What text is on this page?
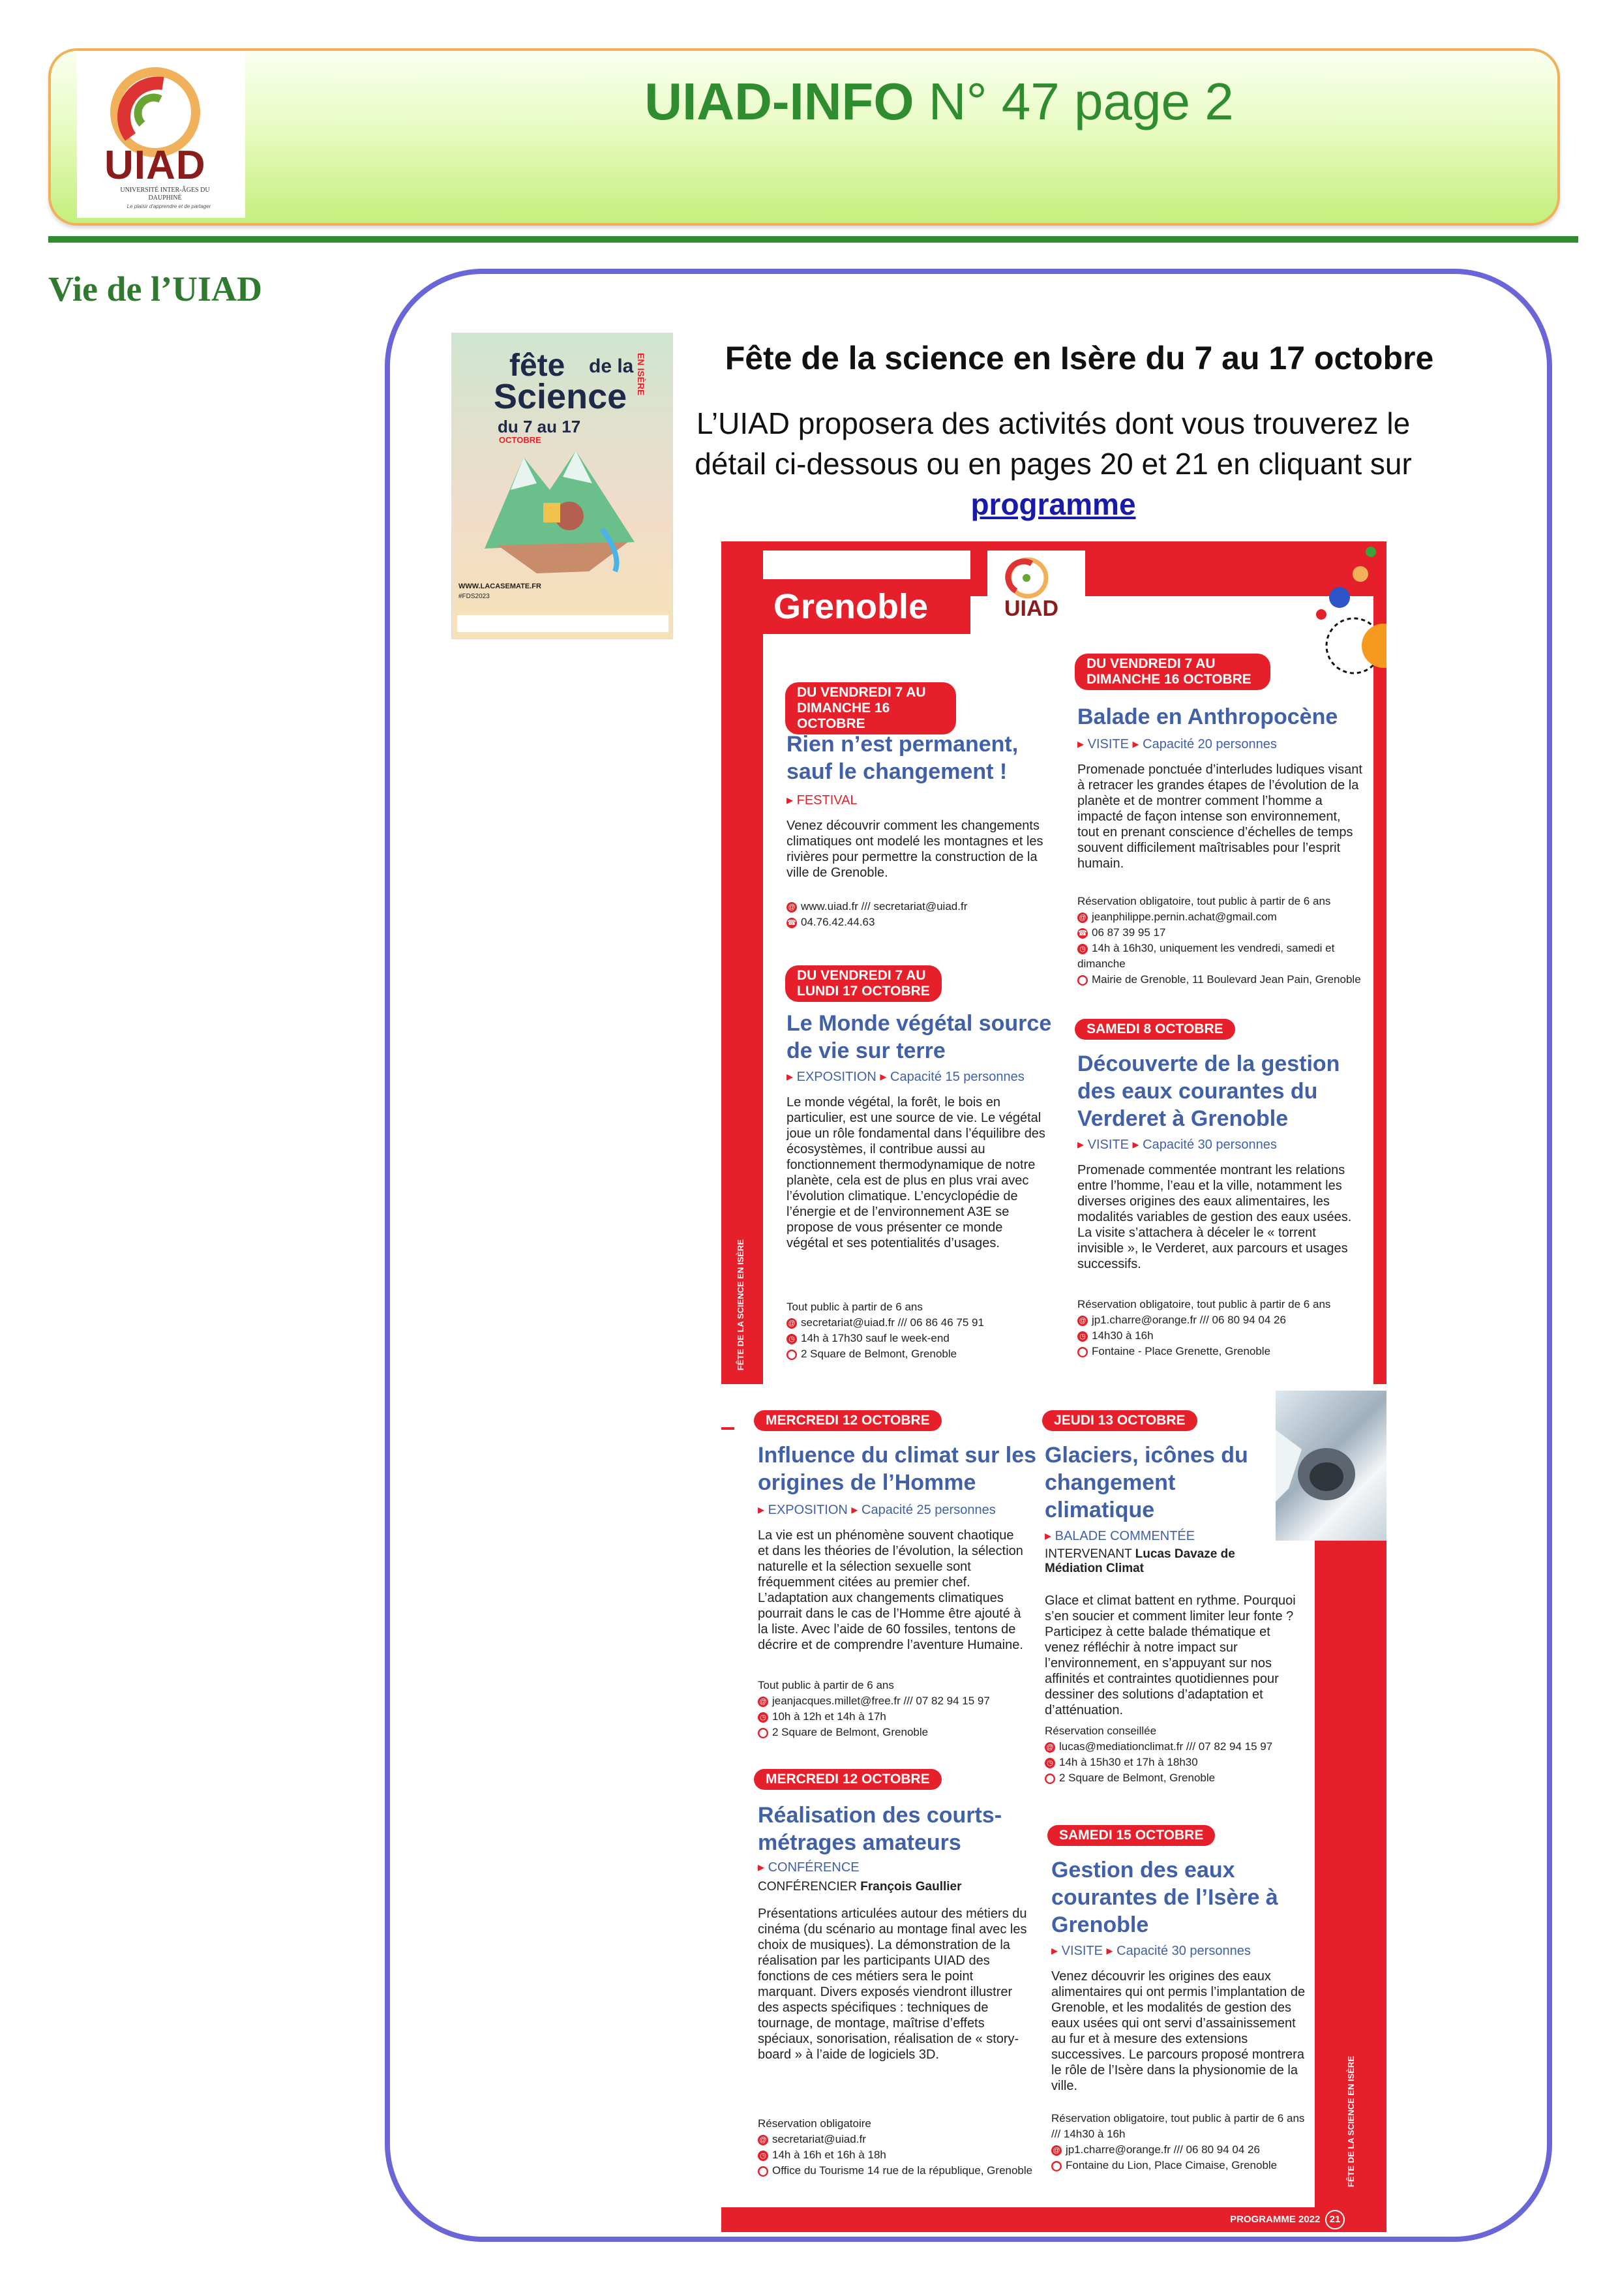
UIAD
UNIVERSITÉ INTER-ÂGES DU DAUPHINÉ
Le plaisir d'apprendre et de partager
UIAD-INFO N° 47 page 2
Vie de l’UIAD
fête de la
Science
EN ISÈRE
du 7 au 17
OCTOBRE
WWW.LACASEMATE.FR
#FDS2023
Fête de la science en Isère du 7 au 17 octobre
L’UIAD proposera des activités dont vous trouverez le détail ci-dessous ou en pages 20 et 21 en cliquant sur
programme
Grenoble	UIAD
FÊTE DE LA SCIENCE EN ISÈRE
DU VENDREDI 7 AU DIMANCHE 16 OCTOBRE
Rien n’est permanent, sauf le changement !
▸ FESTIVAL
Venez découvrir comment les changements climatiques ont modelé les montagnes et les rivières pour permettre la construction de la ville de Grenoble.
@ www.uiad.fr /// secretariat@uiad.fr
☎ 04.76.42.44.63
DU VENDREDI 7 AU LUNDI 17 OCTOBRE
Le Monde végétal source de vie sur terre
▸ EXPOSITION ▸ Capacité 15 personnes
Le monde végétal, la forêt, le bois en particulier, est une source de vie. Le végétal joue un rôle fondamental dans l’équilibre des écosystèmes, il contribue aussi au fonctionnement thermodynamique de notre planète, cela est de plus en plus vrai avec l’évolution climatique. L’encyclopédie de l’énergie et de l’environnement A3E se propose de vous présenter ce monde végétal et ses potentialités d’usages.
Tout public à partir de 6 ans
@ secretariat@uiad.fr /// 06 86 46 75 91
◷ 14h à 17h30 sauf le week-end
⬤ 2 Square de Belmont, Grenoble
DU VENDREDI 7 AU DIMANCHE 16 OCTOBRE
Balade en Anthropocène
▸ VISITE ▸ Capacité 20 personnes
Promenade ponctuée d’interludes ludiques visant à retracer les grandes étapes de l’évolution de la planète et de montrer comment l’homme a impacté de façon intense son environnement, tout en prenant conscience d’échelles de temps souvent difficilement maîtrisables pour l’esprit humain.
Réservation obligatoire, tout public à partir de 6 ans
@ jeanphilippe.pernin.achat@gmail.com
☎ 06 87 39 95 17
◷ 14h à 16h30, uniquement les vendredi, samedi et dimanche
⬤ Mairie de Grenoble, 11 Boulevard Jean Pain, Grenoble
SAMEDI 8 OCTOBRE
Découverte de la gestion des eaux courantes du Verderet à Grenoble
▸ VISITE ▸ Capacité 30 personnes
Promenade commentée montrant les relations entre l’homme, l’eau et la ville, notamment les diverses origines des eaux alimentaires, les modalités variables de gestion des eaux usées. La visite s’attachera à déceler le « torrent invisible », le Verderet, aux parcours et usages successifs.
Réservation obligatoire, tout public à partir de 6 ans
@ jp1.charre@orange.fr /// 06 80 94 04 26
◷ 14h30 à 16h
⬤ Fontaine - Place Grenette, Grenoble
PROGRAMME 2022 21
FÊTE DE LA SCIENCE EN ISÈRE
MERCREDI 12 OCTOBRE
Influence du climat sur les origines de l’Homme
▸ EXPOSITION ▸ Capacité 25 personnes
La vie est un phénomène souvent chaotique et dans les théories de l’évolution, la sélection naturelle et la sélection sexuelle sont fréquemment citées au premier chef. L’adaptation aux changements climatiques pourrait dans le cas de l’Homme être ajouté à la liste. Avec l’aide de 60 fossiles, tentons de décrire et de comprendre l’aventure Humaine.
Tout public à partir de 6 ans
@ jeanjacques.millet@free.fr /// 07 82 94 15 97
◷ 10h à 12h et 14h à 17h
⬤ 2 Square de Belmont, Grenoble
MERCREDI 12 OCTOBRE
Réalisation des courts-métrages amateurs
▸ CONFÉRENCE
CONFÉRENCIER François Gaullier
Présentations articulées autour des métiers du cinéma (du scénario au montage final avec les choix de musiques). La démonstration de la réalisation par les participants UIAD des fonctions de ces métiers sera le point marquant. Divers exposés viendront illustrer des aspects spécifiques : techniques de tournage, de montage, maîtrise d’effets spéciaux, sonorisation, réalisation de « story-board » à l’aide de logiciels 3D.
Réservation obligatoire
@ secretariat@uiad.fr
◷ 14h à 16h et 16h à 18h
⬤ Office du Tourisme 14 rue de la république, Grenoble
JEUDI 13 OCTOBRE
Glaciers, icônes du changement climatique
▸ BALADE COMMENTÉE
INTERVENANT Lucas Davaze de Médiation Climat
Glace et climat battent en rythme. Pourquoi s’en soucier et comment limiter leur fonte ? Participez à cette balade thématique et venez réfléchir à notre impact sur l’environnement, en s’appuyant sur nos affinités et contraintes quotidiennes pour dessiner des solutions d’adaptation et d’atténuation.
Réservation conseillée
@ lucas@mediationclimat.fr /// 07 82 94 15 97
◷ 14h à 15h30 et 17h à 18h30
⬤ 2 Square de Belmont, Grenoble
SAMEDI 15 OCTOBRE
Gestion des eaux courantes de l’Isère à Grenoble
▸ VISITE ▸ Capacité 30 personnes
Venez découvrir les origines des eaux alimentaires qui ont permis l’implantation de Grenoble, et les modalités de gestion des eaux usées qui ont servi d’assainissement au fur et à mesure des extensions successives. Le parcours proposé montrera le rôle de l’Isère dans la physionomie de la ville.
Réservation obligatoire, tout public à partir de 6 ans /// 14h30 à 16h
@ jp1.charre@orange.fr /// 06 80 94 04 26
⬤ Fontaine du Lion, Place Cimaise, Grenoble
